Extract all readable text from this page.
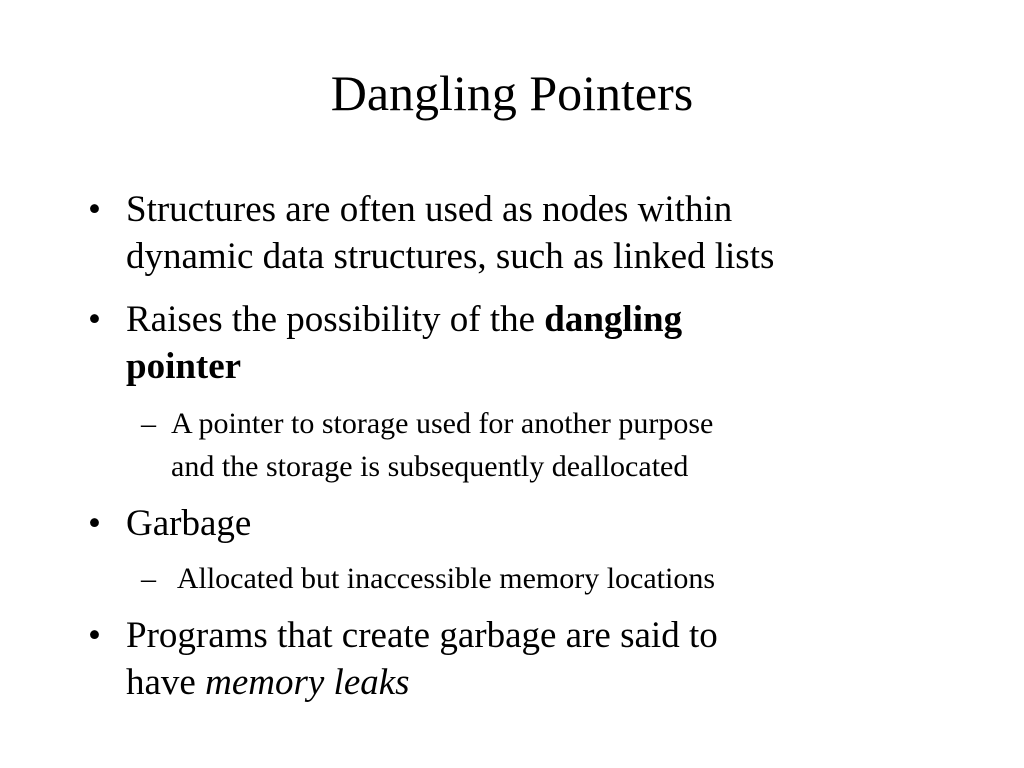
Dangling Pointers
• Structures are often used as nodes within
dynamic data structures, such as linked lists
• Raises the possibility of the dangling
pointer
– A pointer to storage used for another purpose
and the storage is subsequently deallocated
• Garbage
– Allocated but inaccessible memory locations
• Programs that create garbage are said to
have memory leaks
